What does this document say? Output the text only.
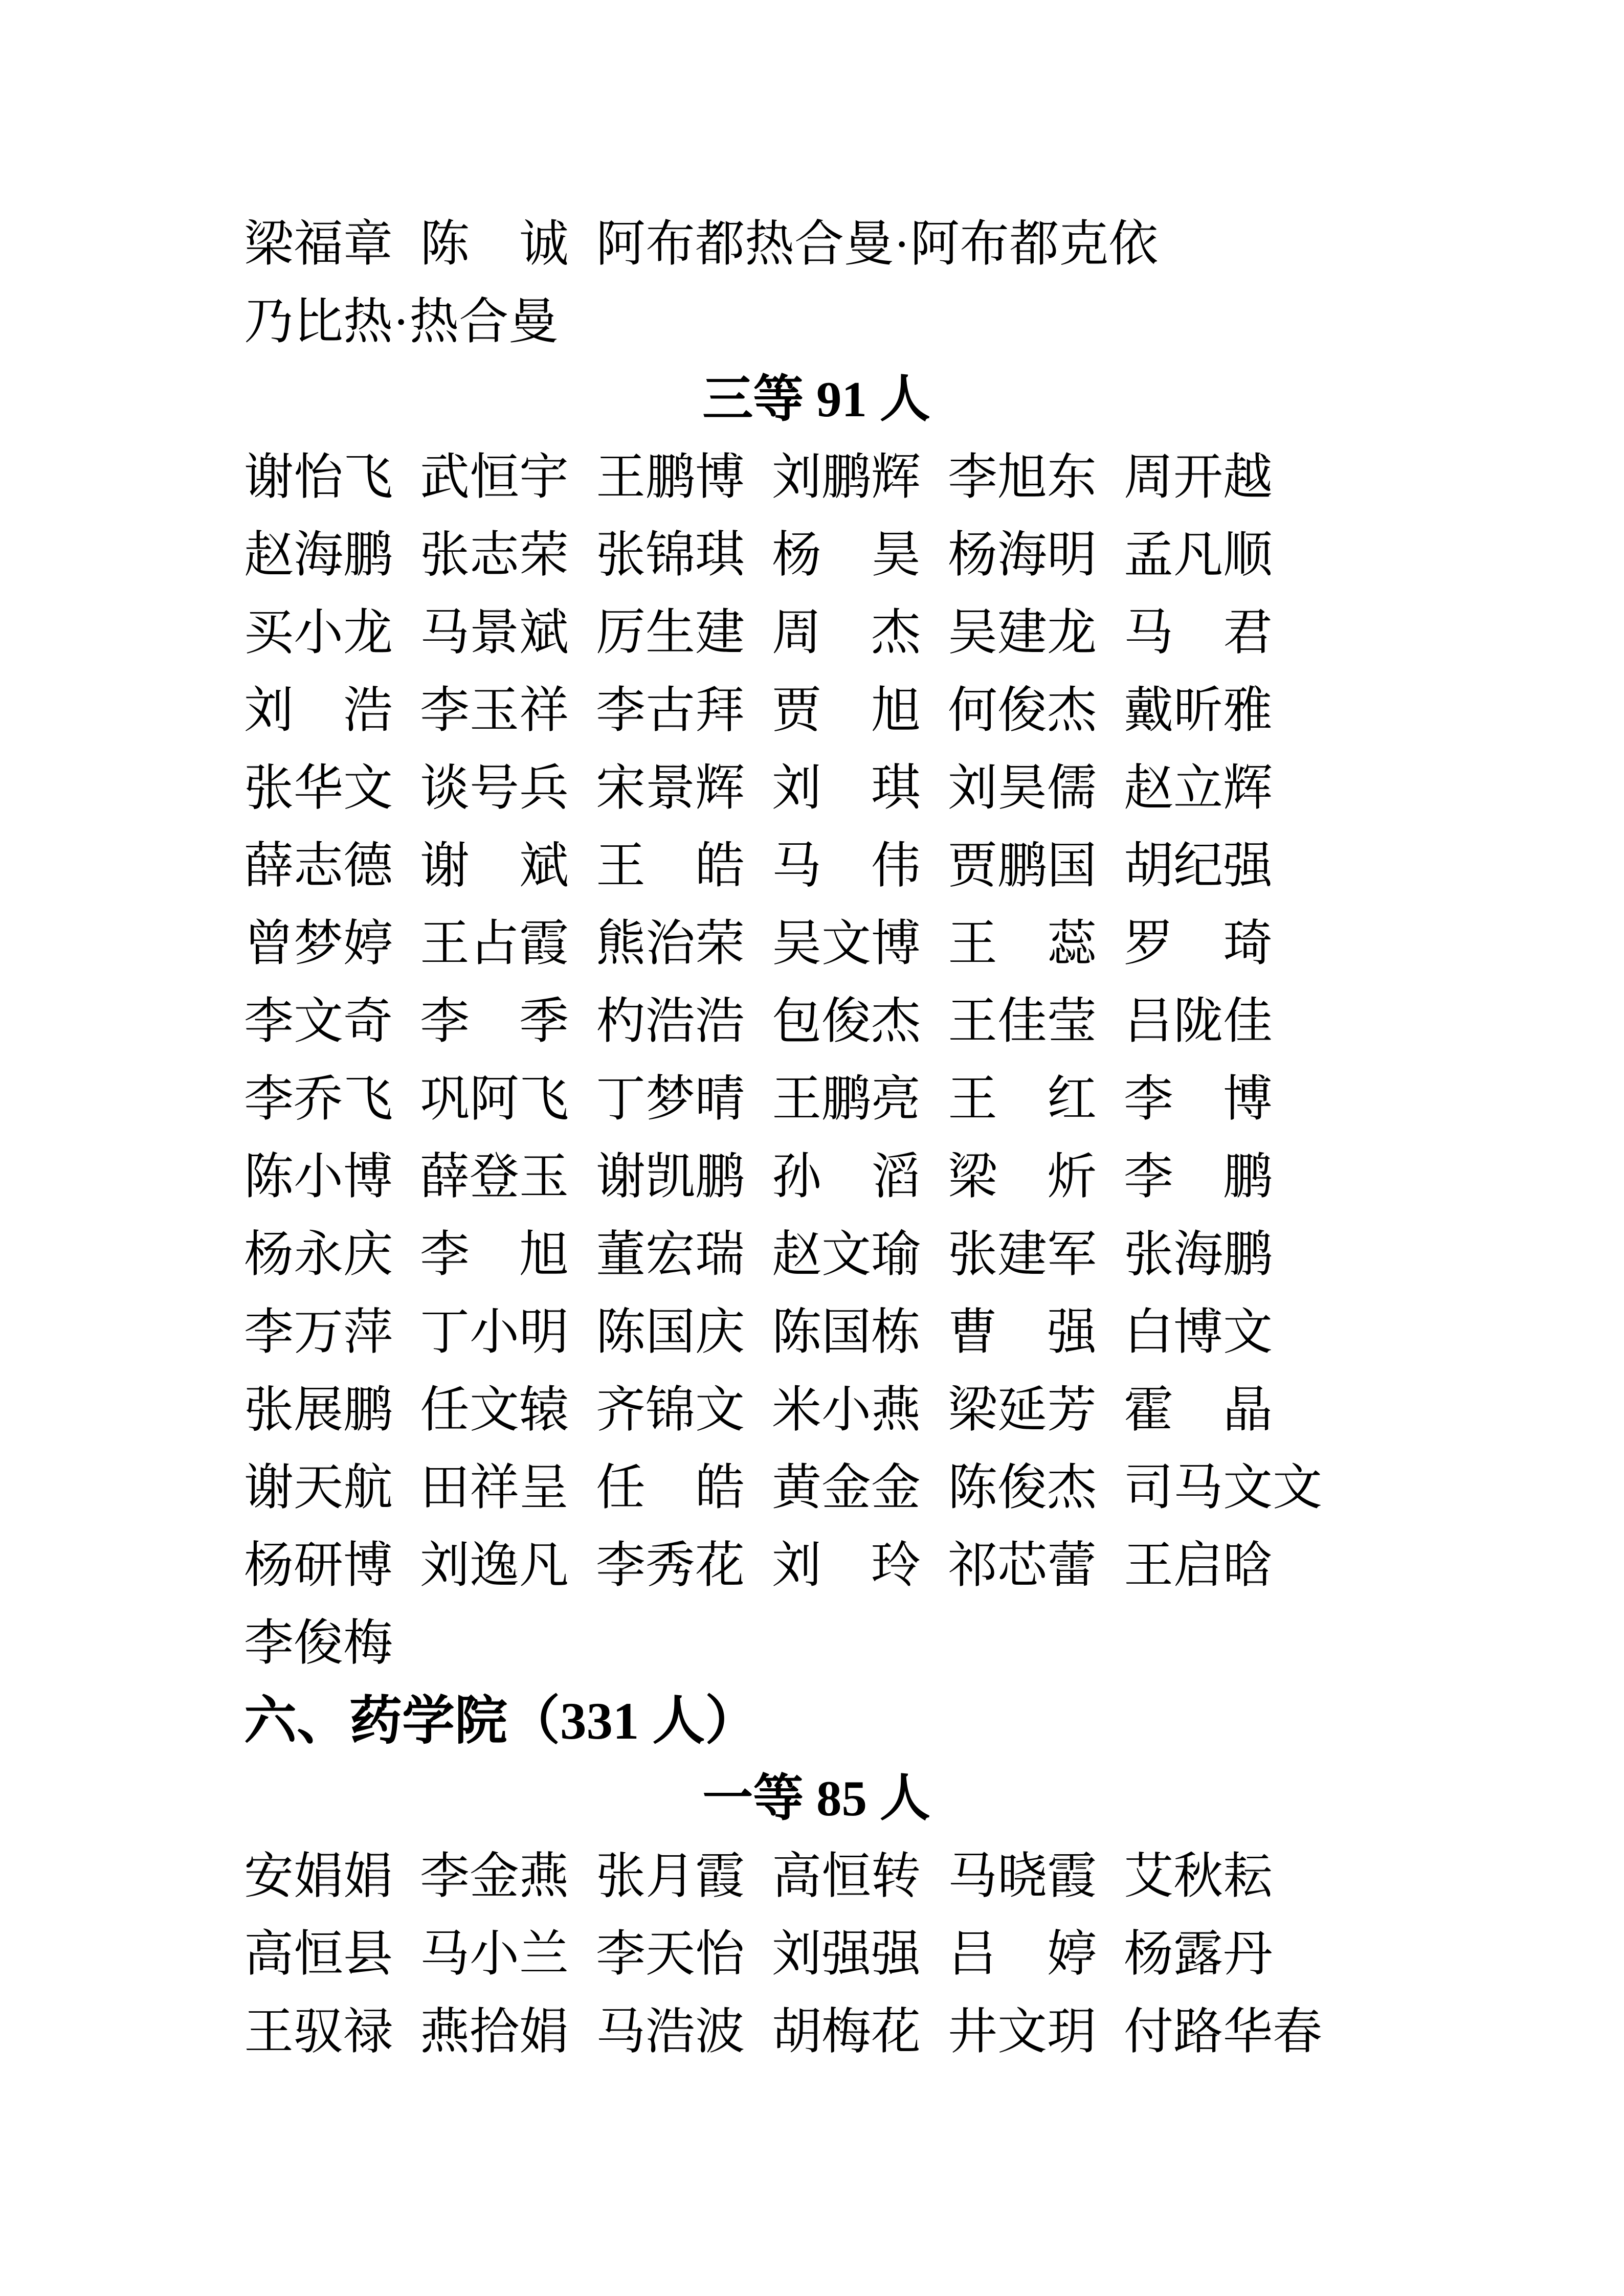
梁福章 陈　诚 阿布都热合曼·阿布都克依
乃比热·热合曼
三等 91 人
谢怡飞 武恒宇 王鹏博 刘鹏辉 李旭东 周开越
赵海鹏 张志荣 张锦琪 杨　昊 杨海明 孟凡顺
买小龙 马景斌 厉生建 周　杰 吴建龙 马　君
刘　浩 李玉祥 李古拜 贾　旭 何俊杰 戴昕雅
张华文 谈号兵 宋景辉 刘　琪 刘昊儒 赵立辉
薛志德 谢　斌 王　皓 马　伟 贾鹏国 胡纪强
曾梦婷 王占霞 熊治荣 吴文博 王　蕊 罗　琦
李文奇 李　季 杓浩浩 包俊杰 王佳莹 吕陇佳
李乔飞 巩阿飞 丁梦晴 王鹏亮 王　红 李　博
陈小博 薛登玉 谢凯鹏 孙　滔 梁　炘 李　鹏
杨永庆 李　旭 董宏瑞 赵文瑜 张建军 张海鹏
李万萍 丁小明 陈国庆 陈国栋 曹　强 白博文
张展鹏 任文辕 齐锦文 米小燕 梁延芳 霍　晶
谢天航 田祥呈 任　皓 黄金金 陈俊杰 司马文文
杨研博 刘逸凡 李秀花 刘　玲 祁芯蕾 王启晗
李俊梅
六、药学院（331 人）
一等 85 人
安娟娟 李金燕 张月霞 高恒转 马晓霞 艾秋耘
高恒县 马小兰 李天怡 刘强强 吕　婷 杨露丹
王驭禄 燕拾娟 马浩波 胡梅花 井文玥 付路华春
